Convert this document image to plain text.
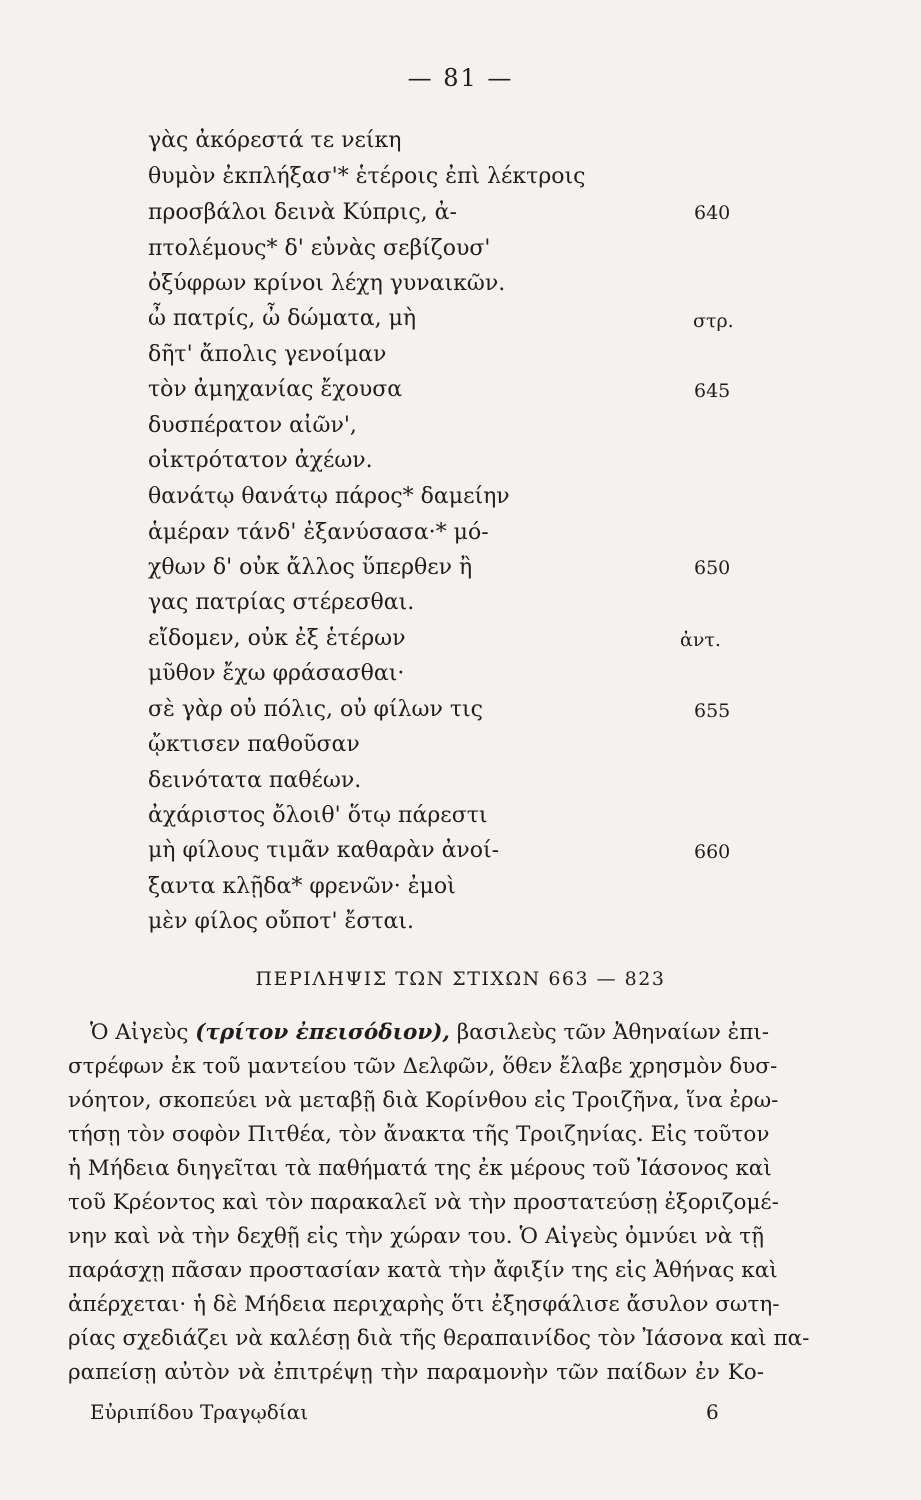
— 81 —
γὰς ἀκόρεστά τε νείκη
θυμὸν ἐκπλήξασ'* ἑτέροις ἐπὶ λέκτροις
προσβάλοι δεινὰ Κύπρις, ἀ-
πτολέμους* δ' εὐνὰς σεβίζουσ'
ὀξύφρων κρίνοι λέχη γυναικῶν.
ὦ πατρίς, ὦ δώματα, μὴ
δῆτ' ἄπολις γενοίμαν
τὸν ἀμηχανίας ἔχουσα
δυσπέρατον αἰῶν',
οἰκτρότατον ἀχέων.
θανάτῳ θανάτῳ πάρος* δαμείην
ἁμέραν τάνδ' ἐξανύσασα·* μό-
χθων δ' οὐκ ἄλλος ὕπερθεν ἢ
γας πατρίας στέρεσθαι.
εἴδομεν, οὐκ ἐξ ἑτέρων
μῦθον ἔχω φράσασθαι·
σὲ γὰρ οὐ πόλις, οὐ φίλων τις
ᾤκτισεν παθοῦσαν
δεινότατα παθέων.
ἀχάριστος ὄλοιθ' ὅτῳ πάρεστι
μὴ φίλους τιμᾶν καθαρὰν ἀνοί-
ξαντα κλῇδα* φρενῶν· ἐμοὶ
μὲν φίλος οὔποτ' ἔσται.
640
στρ.
645
650
ἀντ.
655
660
ΠΕΡΙΛΗΨΙΣ ΤΩΝ ΣΤΙΧΩΝ 663 — 823
Ὁ Αἰγεὺς (τρίτον ἐπεισόδιον), βασιλεὺς τῶν Ἀθηναίων ἐπι-
στρέφων ἐκ τοῦ μαντείου τῶν Δελφῶν, ὅθεν ἔλαβε χρησμὸν δυσ-
νόητον, σκοπεύει νὰ μεταβῇ διὰ Κορίνθου εἰς Τροιζῆνα, ἵνα ἐρω-
τήσῃ τὸν σοφὸν Πιτθέα, τὸν ἄνακτα τῆς Τροιζηνίας. Εἰς τοῦτον
ἡ Μήδεια διηγεῖται τὰ παθήματά της ἐκ μέρους τοῦ Ἰάσονος καὶ
τοῦ Κρέοντος καὶ τὸν παρακαλεῖ νὰ τὴν προστατεύσῃ ἐξοριζομέ-
νην καὶ νὰ τὴν δεχθῇ εἰς τὴν χώραν του. Ὁ Αἰγεὺς ὀμνύει νὰ τῇ
παράσχῃ πᾶσαν προστασίαν κατὰ τὴν ἄφιξίν της εἰς Ἀθήνας καὶ
ἀπέρχεται· ἡ δὲ Μήδεια περιχαρὴς ὅτι ἐξησφάλισε ἄσυλον σωτη-
ρίας σχεδιάζει νὰ καλέσῃ διὰ τῆς θεραπαινίδος τὸν Ἰάσονα καὶ πα-
ραπείσῃ αὐτὸν νὰ ἐπιτρέψῃ τὴν παραμονὴν τῶν παίδων ἐν Κο-
Εὐριπίδου Τραγῳδίαι	6
